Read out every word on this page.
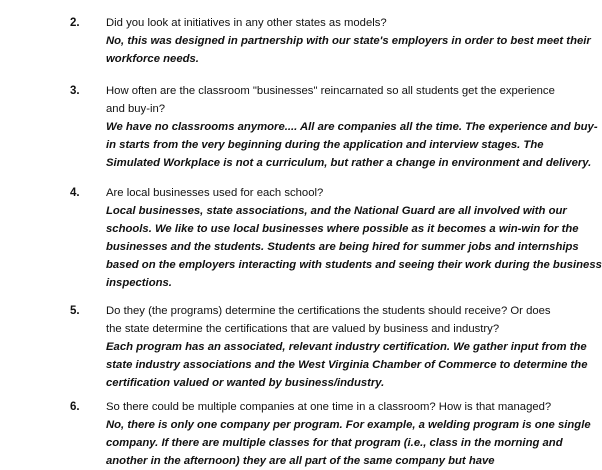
2. Did you look at initiatives in any other states as models?

No, this was designed in partnership with our state's employers in order to best meet their
workforce needs.

3. How often are the classroom "businesses" reincarnated so all students get the experience
and buy-in?

We have no classrooms anymore.... All are companies all the time. The experience and buy-
in starts from the very beginning during the application and interview stages. The
Simulated Workplace is not a curriculum, but rather a change in environment and delivery.

4. Are local businesses used for each school?

Local businesses, state associations, and the National Guard are all involved with our
schools. We like to use local businesses where possible as it becomes a win-win for the
businesses and the students. Students are being hired for summer jobs and internships
based on the employers interacting with students and seeing their work during the business
inspections.

5. Do they (the programs) determine the certifications the students should receive? Or does
the state determine the certifications that are valued by business and industry?

Each program has an associated, relevant industry certification. We gather input from the
state industry associations and the West Virginia Chamber of Commerce to determine the
certification valued or wanted by business/industry.

6. So there could be multiple companies at one time in a classroom? How is that managed?

No, there is only one company per program. For example, a welding program is one single
company. If there are multiple classes for that program (i.e., class in the morning and
another in the afternoon) they are all part of the same company but have
